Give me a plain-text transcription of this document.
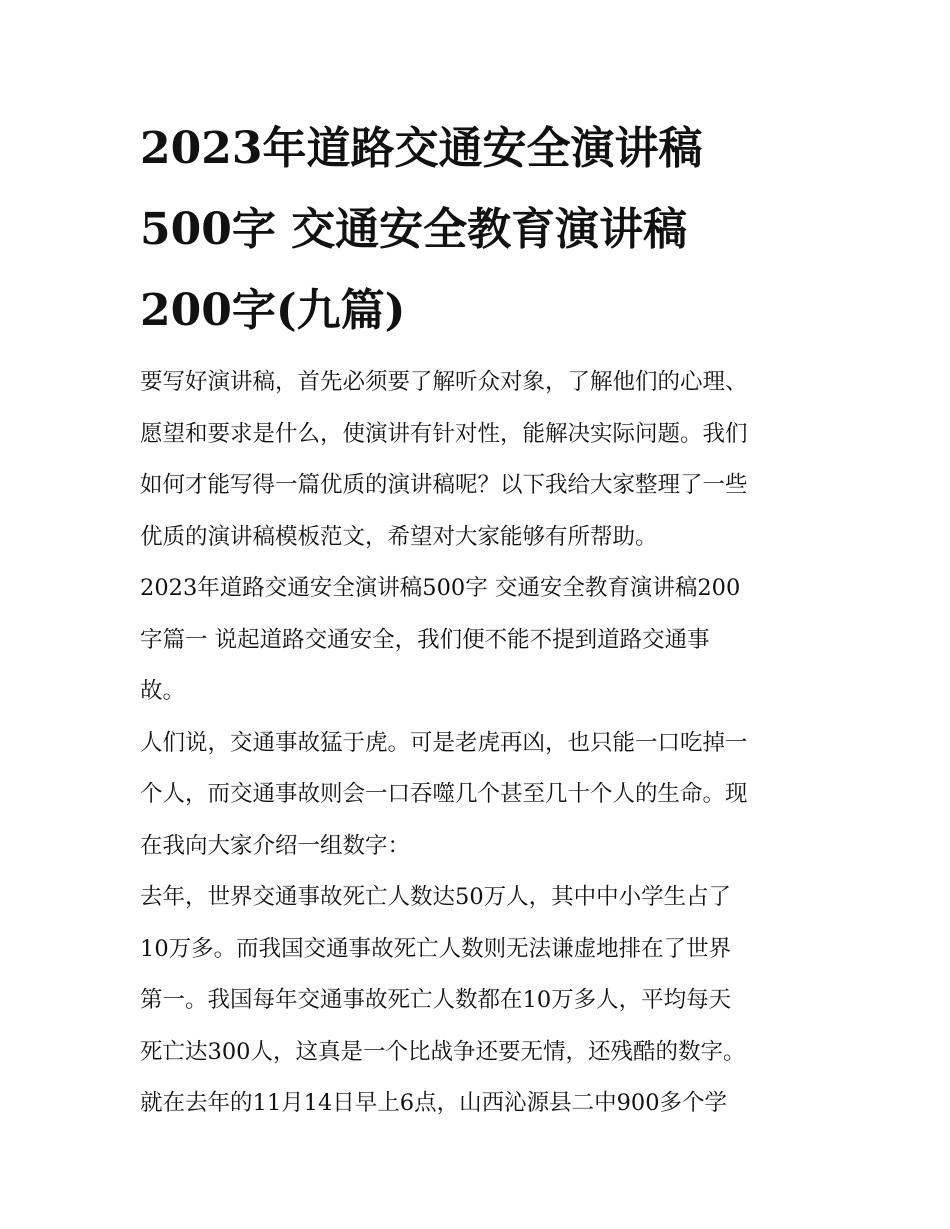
2023年道路交通安全演讲稿
500字 交通安全教育演讲稿
200字(九篇)

要写好演讲稿，首先必须要了解听众对象，了解他们的心理、
愿望和要求是什么，使演讲有针对性，能解决实际问题。我们
如何才能写得一篇优质的演讲稿呢？以下我给大家整理了一些
优质的演讲稿模板范文，希望对大家能够有所帮助。

2023年道路交通安全演讲稿500字 交通安全教育演讲稿200
字篇一 说起道路交通安全，我们便不能不提到道路交通事
故。

人们说，交通事故猛于虎。可是老虎再凶，也只能一口吃掉一
个人，而交通事故则会一口吞噬几个甚至几十个人的生命。现
在我向大家介绍一组数字：

去年，世界交通事故死亡人数达50万人，其中中小学生占了
10万多。而我国交通事故死亡人数则无法谦虚地排在了世界
第一。我国每年交通事故死亡人数都在10万多人，平均每天
死亡达300人，这真是一个比战争还要无情，还残酷的数字。
就在去年的11月14日早上6点，山西沁源县二中900多个学
